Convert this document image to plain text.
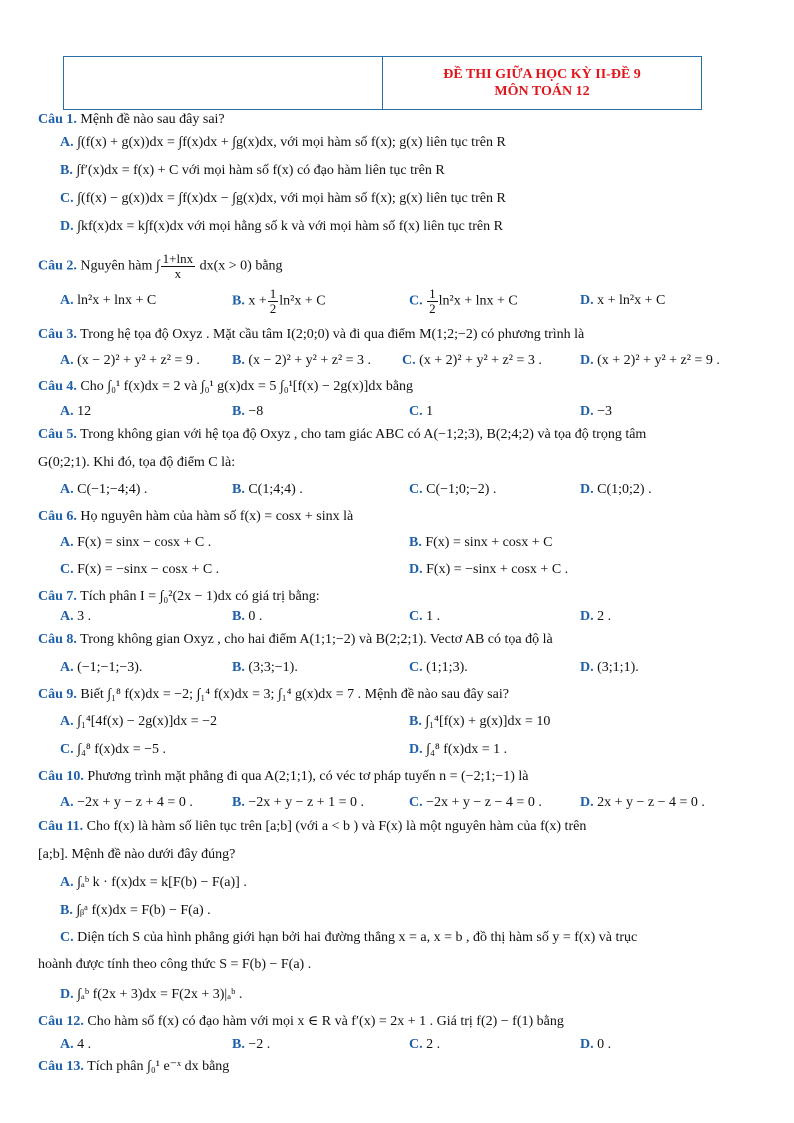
ĐỀ THI GIỮA HỌC KỲ II-ĐỀ 9
MÔN TOÁN 12
Câu 1. Mệnh đề nào sau đây sai?
A. ∫(f(x) + g(x))dx = ∫f(x)dx + ∫g(x)dx, với mọi hàm số f(x); g(x) liên tục trên R
B. ∫f′(x)dx = f(x) + C với mọi hàm số f(x) có đạo hàm liên tục trên R
C. ∫(f(x) − g(x))dx = ∫f(x)dx − ∫g(x)dx, với mọi hàm số f(x); g(x) liên tục trên R
D. ∫kf(x)dx = k∫f(x)dx với mọi hằng số k và với mọi hàm số f(x) liên tục trên R
Câu 2. Nguyên hàm ∫ $\frac{1+\ln x}{x} dx(x > 0)$ bằng
A. ln²x + lnx + C	B. $x + \frac{1}{2} \ln^2x + C$	C. $\frac{1}{2} \ln^2x + \ln x + C$	D. x + ln²x + C
Câu 3. Trong hệ tọa độ Oxyz . Mặt cầu tâm I(2;0;0) và đi qua điểm M(1;2;−2) có phương trình là
A. (x − 2)² + y² + z² = 9 . B. (x − 2)² + y² + z² = 3 . C. (x + 2)² + y² + z² = 3 .	D. (x + 2)² + y² + z² = 9 .
Câu 4. Cho ∫₀¹ f(x)dx = 2 và ∫₀¹ g(x)dx = 5 ∫₀¹[f(x) − 2g(x)]dx bằng
A. 12	B. −8	C. 1	D. −3
Câu 5. Trong không gian với hệ tọa độ Oxyz , cho tam giác ABC có A(−1;2;3), B(2;4;2) và tọa độ trọng tâm
G(0;2;1). Khi đó, tọa độ điểm C là:
A. C(−1;−4;4) .	B. C(1;4;4) .	C. C(−1;0;−2) .	D. C(1;0;2) .
Câu 6. Họ nguyên hàm của hàm số f(x) = cosx + sinx là
A. F(x) = sinx − cosx + C .	B. F(x) = sinx + cosx + C
C. F(x) = −sinx − cosx + C .	D. F(x) = −sinx + cosx + C .
Câu 7. Tích phân I = ∫₀²(2x − 1)dx có giá trị bằng:
A. 3 .	B. 0 .	C. 1 .	D. 2 .
Câu 8. Trong không gian Oxyz , cho hai điểm A(1;1;−2) và B(2;2;1). Vectơ AB có tọa độ là
A. (−1;−1;−3).	B. (3;3;−1).	C. (1;1;3).	D. (3;1;1).
Câu 9. Biết ∫₁⁸ f(x)dx = −2; ∫₁⁴ f(x)dx = 3; ∫₁⁴ g(x)dx = 7 . Mệnh đề nào sau đây sai?
A. ∫₁⁴[4f(x) − 2g(x)]dx = −2	B. ∫₁⁴[f(x) + g(x)]dx = 10
C. ∫₄⁸ f(x)dx = −5 .	D. ∫₄⁸ f(x)dx = 1 .
Câu 10. Phương trình mặt phẳng đi qua A(2;1;1), có véc tơ pháp tuyến n = (−2;1;−1) là
A. −2x + y − z + 4 = 0 .	B. −2x + y − z + 1 = 0 .	C. −2x + y − z − 4 = 0 .	D. 2x + y − z − 4 = 0 .
Câu 11. Cho f(x) là hàm số liên tục trên [a;b] (với a < b ) và F(x) là một nguyên hàm của f(x) trên
[a;b]. Mệnh đề nào dưới đây đúng?
A. ∫ₐᵇ k · f(x)dx = k[F(b) − F(a)] .
B. ∫ᵦᵃ f(x)dx = F(b) − F(a) .
C. Diện tích S của hình phẳng giới hạn bởi hai đường thẳng x = a, x = b , đồ thị hàm số y = f(x) và trục
hoành được tính theo công thức S = F(b) − F(a) .
D. ∫ₐᵇ f(2x + 3)dx = F(2x + 3)|ₐᵇ .
Câu 12. Cho hàm số f(x) có đạo hàm với mọi x ∈ R và f′(x) = 2x + 1 . Giá trị f(2) − f(1) bằng
A. 4 .	B. −2 .	C. 2 .	D. 0 .
Câu 13. Tích phân ∫₀¹ e⁻ˣ dx bằng
